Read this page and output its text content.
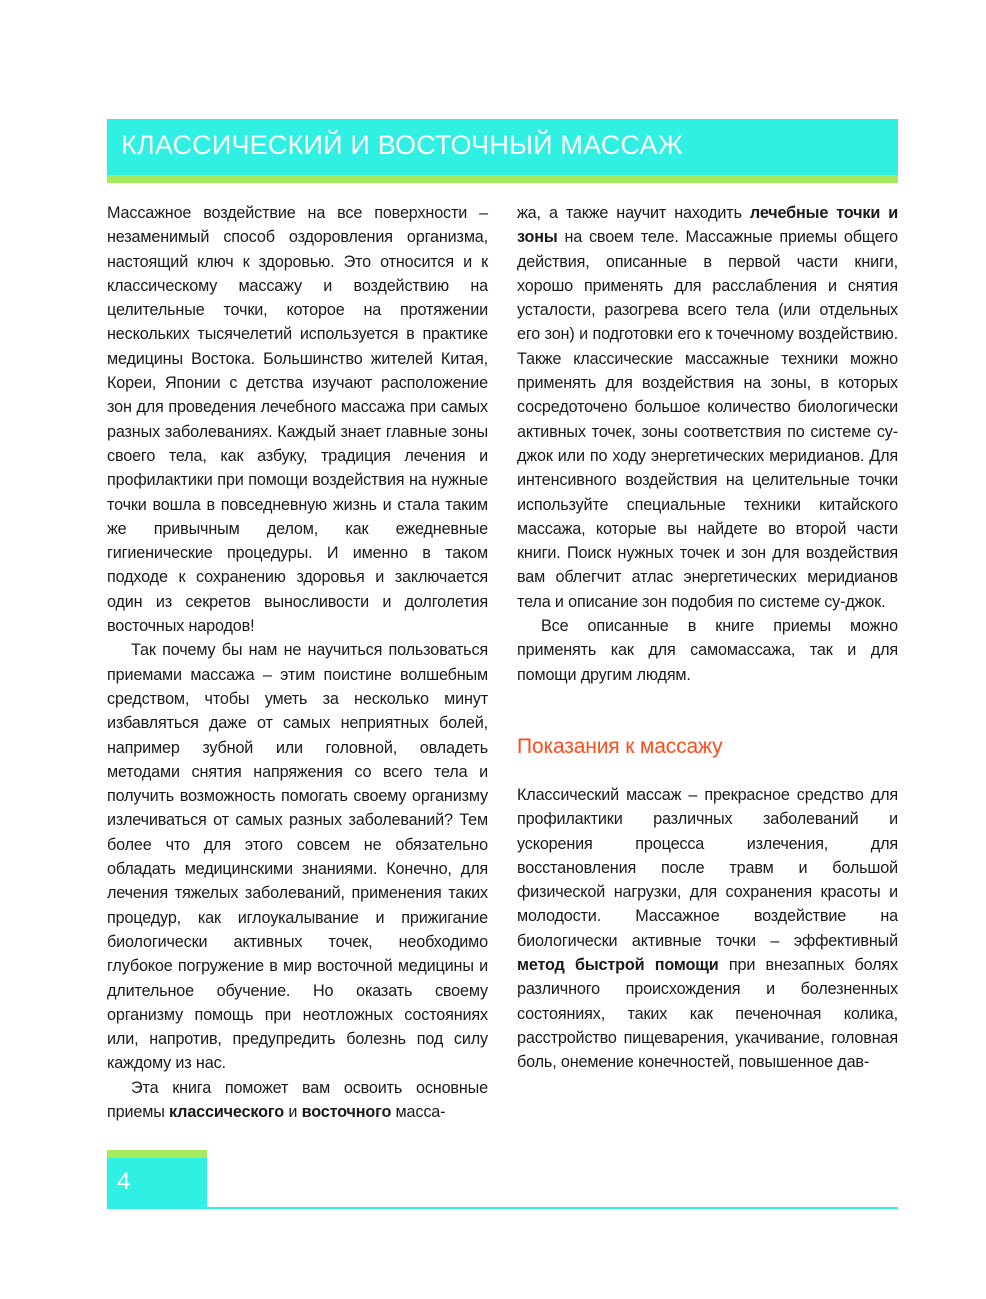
КЛАССИЧЕСКИЙ И ВОСТОЧНЫЙ МАССАЖ

Массажное воздействие на все поверхности – незаменимый способ оздоровления организма, настоящий ключ к здоровью. Это относится и к классическому массажу и воздействию на целительные точки, которое на протяжении нескольких тысячелетий используется в практике медицины Востока. Большинство жителей Китая, Кореи, Японии с детства изучают расположение зон для проведения лечебного массажа при самых разных заболеваниях. Каждый знает главные зоны своего тела, как азбуку, традиция лечения и профилактики при помощи воздействия на нужные точки вошла в повседневную жизнь и стала таким же привычным делом, как ежедневные гигиенические процедуры. И именно в таком подходе к сохранению здоровья и заключается один из секретов выносливости и долголетия восточных народов!

Так почему бы нам не научиться пользоваться приемами массажа – этим поистине волшебным средством, чтобы уметь за несколько минут избавляться даже от самых неприятных болей, например зубной или головной, овладеть методами снятия напряжения со всего тела и получить возможность помогать своему организму излечиваться от самых разных заболеваний? Тем более что для этого совсем не обязательно обладать медицинскими знаниями. Конечно, для лечения тяжелых заболеваний, применения таких процедур, как иглоукалывание и прижигание биологически активных точек, необходимо глубокое погружение в мир восточной медицины и длительное обучение. Но оказать своему организму помощь при неотложных состояниях или, напротив, предупредить болезнь под силу каждому из нас.

Эта книга поможет вам освоить основные приемы классического и восточного масса-

жа, а также научит находить лечебные точки и зоны на своем теле. Массажные приемы общего действия, описанные в первой части книги, хорошо применять для расслабления и снятия усталости, разогрева всего тела (или отдельных его зон) и подготовки его к точечному воздействию. Также классические массажные техники можно применять для воздействия на зоны, в которых сосредоточено большое количество биологически активных точек, зоны соответствия по системе су-джок или по ходу энергетических меридианов. Для интенсивного воздействия на целительные точки используйте специальные техники китайского массажа, которые вы найдете во второй части книги. Поиск нужных точек и зон для воздействия вам облегчит атлас энергетических меридианов тела и описание зон подобия по системе су-джок.

Все описанные в книге приемы можно применять как для самомассажа, так и для помощи другим людям.

Показания к массажу

Классический массаж – прекрасное средство для профилактики различных заболеваний и ускорения процесса излечения, для восстановления после травм и большой физической нагрузки, для сохранения красоты и молодости. Массажное воздействие на биологически активные точки – эффективный метод быстрой помощи при внезапных болях различного происхождения и болезненных состояниях, таких как печеночная колика, расстройство пищеварения, укачивание, головная боль, онемение конечностей, повышенное дав-

4
